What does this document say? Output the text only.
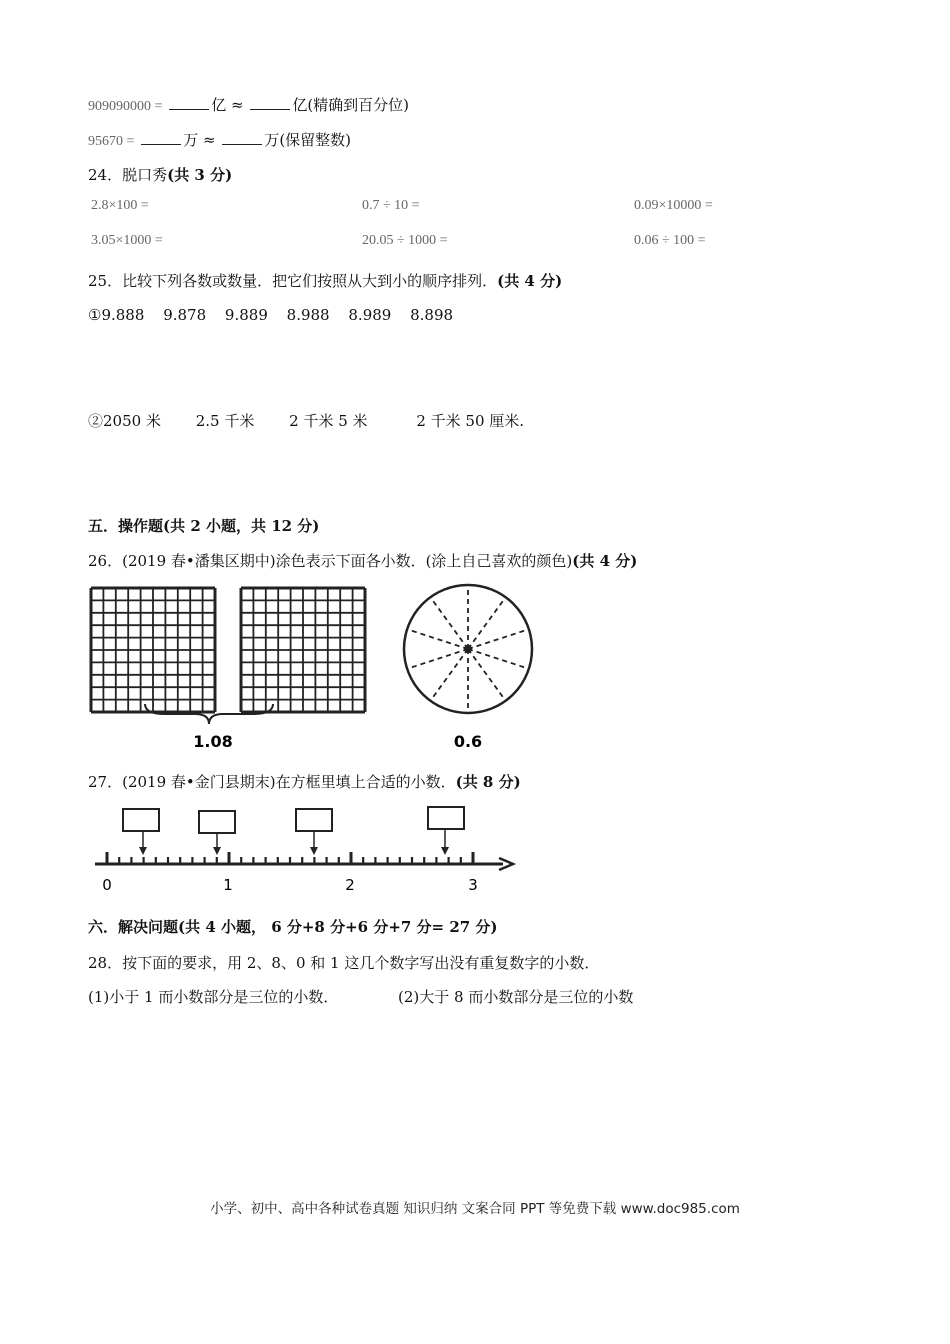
909090000 =	亿 ≈	亿(精确到百分位)
95670 =	万 ≈	万(保留整数)
24．脱口秀(共 3 分)
2.8×100 =	0.7 ÷ 10 =	0.09×10000 =
3.05×1000 =	20.05 ÷ 1000 =	0.06 ÷ 100 =
25．比较下列各数或数量．把它们按照从大到小的顺序排列．(共 4 分)
①9.888 9.878 9.889 8.988 8.989 8.898
②2050 米 2.5 千米 2 千米 5 米	2 千米 50 厘米.
五．操作题(共 2 小题，共 12 分)
26．(2019 春•潘集区期中)涂色表示下面各小数．(涂上自己喜欢的颜色)(共 4 分)
1.08	0.6
27．(2019 春•金门县期末)在方框里填上合适的小数．(共 8 分)
0	1	2	3
六．解决问题(共 4 小题， 6 分+8 分+6 分+7 分= 27 分)
28．按下面的要求，用 2、8、0 和 1 这几个数字写出没有重复数字的小数．
(1)小于 1 而小数部分是三位的小数．	(2)大于 8 而小数部分是三位的小数
小学、初中、高中各种试卷真题 知识归纳 文案合同 PPT 等免费下载 www.doc985.com
